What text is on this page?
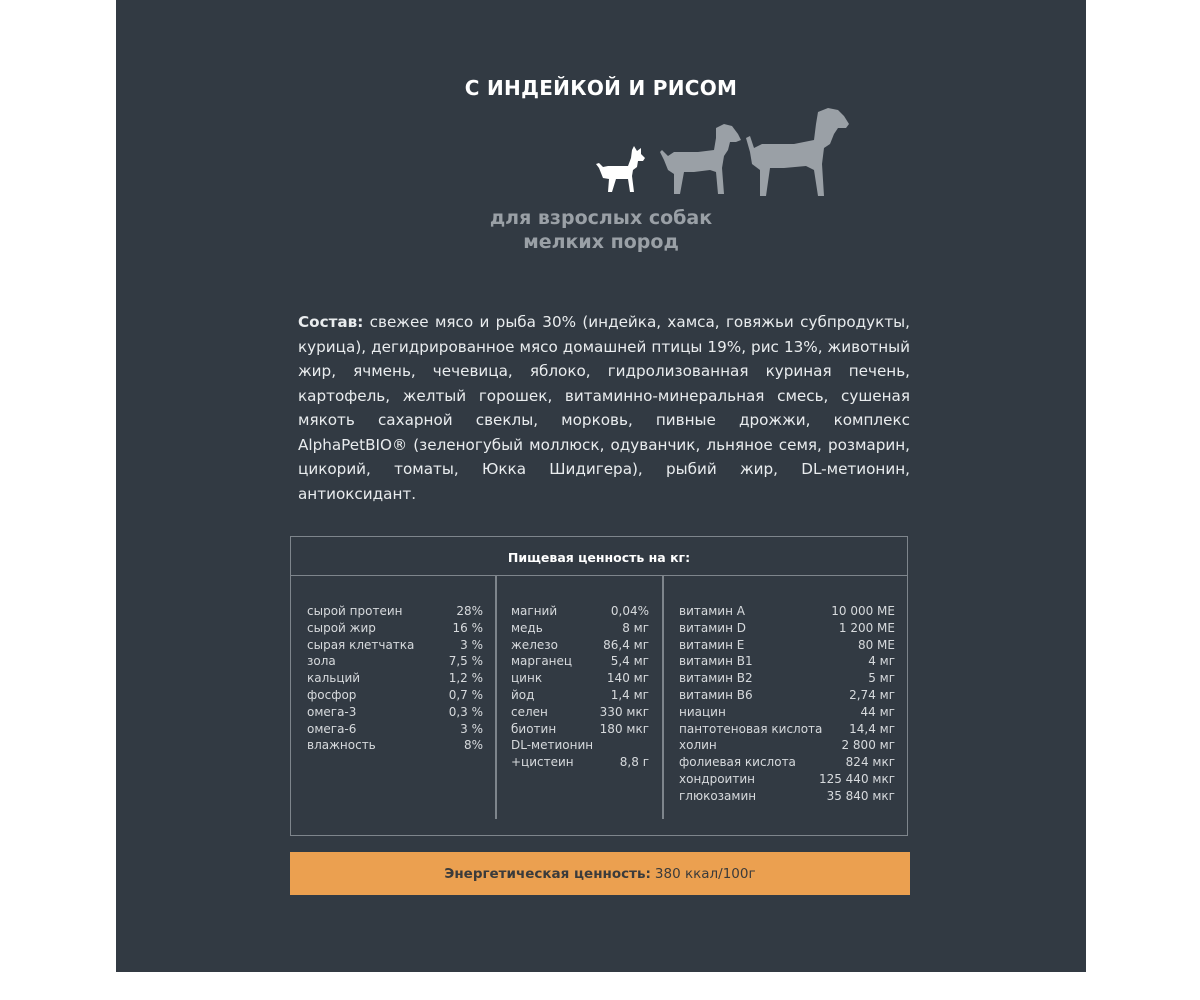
С ИНДЕЙКОЙ И РИСОМ
для взрослых собак
мелких пород
Состав: свежее мясо и рыба 30% (индейка, хамса, говяжьи субпродукты, курица), дегидрированное мясо домашней птицы 19%, рис 13%, животный жир, ячмень, чечевица, яблоко, гидролизованная куриная печень, картофель, желтый горошек, витаминно-минеральная смесь, сушеная мякоть сахарной свеклы, морковь, пивные дрожжи, комплекс AlphaPetBIO® (зеленогубый моллюск, одуванчик, льняное семя, розмарин, цикорий, томаты, Юкка Шидигера), рыбий жир, DL-метионин, антиоксидант.
Пищевая ценность на кг:
сырой протеин	28%
сырой жир	16 %
сырая клетчатка	3 %
зола	7,5 %
кальций	1,2 %
фосфор	0,7 %
омега-3	0,3 %
омега-6	3 %
влажность	8%
магний	0,04%
медь	8 мг
железо	86,4 мг
марганец	5,4 мг
цинк	140 мг
йод	1,4 мг
селен	330 мкг
биотин	180 мкг
DL-метионин
+цистеин	8,8 г
витамин А	10 000 МЕ
витамин D	1 200 МЕ
витамин Е	80 МЕ
витамин В1	4 мг
витамин В2	5 мг
витамин В6	2,74 мг
ниацин	44 мг
пантотеновая кислота 14,4 мг
холин	2 800 мг
фолиевая кислота	824 мкг
хондроитин	125 440 мкг
глюкозамин	35 840 мкг
Энергетическая ценность: 380 ккал/100г
